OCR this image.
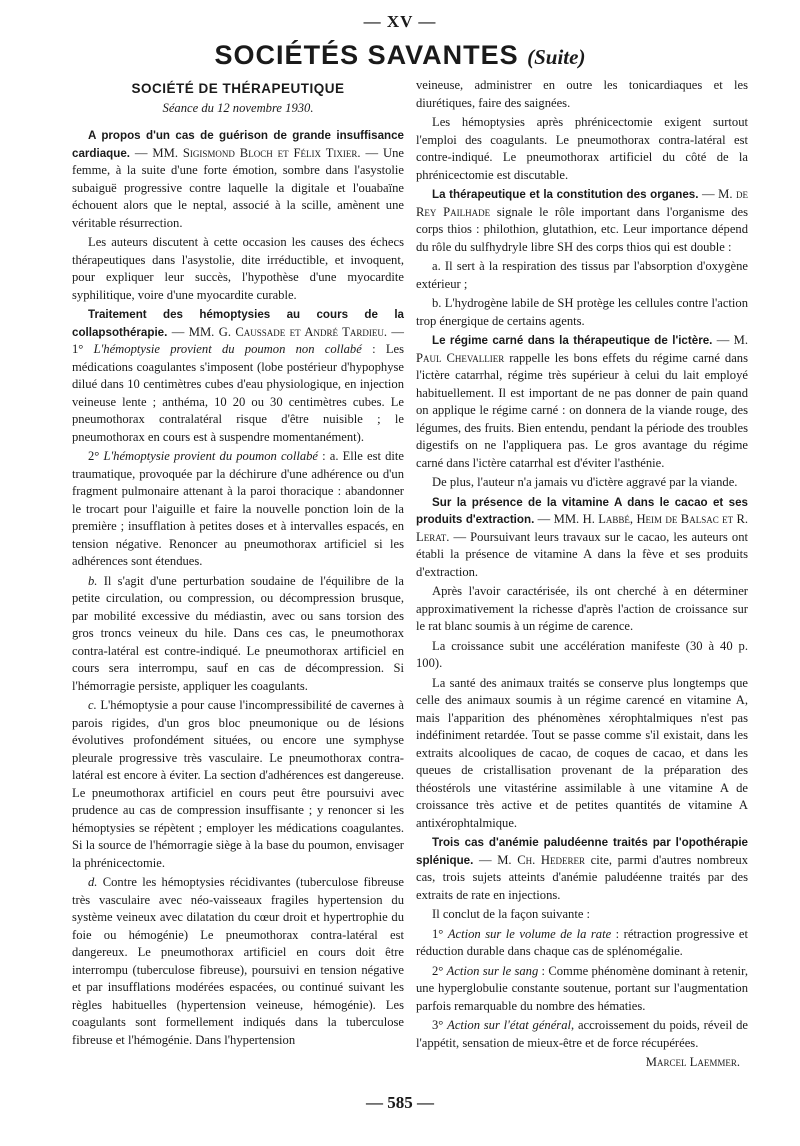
— XV —
SOCIÉTÉS SAVANTES (Suite)
SOCIÉTÉ DE THÉRAPEUTIQUE
Séance du 12 novembre 1930.

A propos d'un cas de guérison de grande insuffisance cardiaque. — MM. Sigismond Bloch et Félix Tixier. — Une femme, à la suite d'une forte émotion, sombre dans l'asystolie subaiguë progressive contre laquelle la digitale et l'ouabaïne échouent alors que le neptal, associé à la scille, amènent une véritable résurrection.

Les auteurs discutent à cette occasion les causes des échecs thérapeutiques dans l'asystolie, dite irréductible, et invoquent, pour expliquer leur succès, l'hypothèse d'une myocardite syphilitique, voire d'une myocardite curable.

Traitement des hémoptysies au cours de la collapsothérapie. — MM. G. Caussade et André Tardieu. — 1° L'hémoptysie provient du poumon non collabé : Les médications coagulantes s'imposent (lobe postérieur d'hypophyse dilué dans 10 centimètres cubes d'eau physiologique, en injection veineuse lente ; anthéma, 10 20 ou 30 centimètres cubes. Le pneumothorax contralatéral risque d'être nuisible ; le pneumothorax en cours est à suspendre momentanément).

2° L'hémoptysie provient du poumon collabé : a. Elle est dite traumatique, provoquée par la déchirure d'une adhérence ou d'un fragment pulmonaire attenant à la paroi thoracique : abandonner le trocart pour l'aiguille et faire la nouvelle ponction loin de la première ; insufflation à petites doses et à intervalles espacés, en tension négative. Renoncer au pneumothorax artificiel si les adhérences sont étendues.

b. Il s'agit d'une perturbation soudaine de l'équilibre de la petite circulation, ou compression, ou décompression brusque, par mobilité excessive du médiastin, avec ou sans torsion des gros troncs veineux du hile. Dans ces cas, le pneumothorax contra-latéral est contre-indiqué. Le pneumothorax artificiel en cours sera interrompu, sauf en cas de décompression. Si l'hémorragie persiste, appliquer les coagulants.

c. L'hémoptysie a pour cause l'incompressibilité de cavernes à parois rigides, d'un gros bloc pneumonique ou de lésions évolutives profondément situées, ou encore une symphyse pleurale progressive très vasculaire. Le pneumothorax contra-latéral est encore à éviter. La section d'adhérences est dangereuse. Le pneumothorax artificiel en cours peut être poursuivi avec prudence au cas de compression insuffisante ; y renoncer si les hémoptysies se répètent ; employer les médications coagulantes. Si la source de l'hémorragie siège à la base du poumon, envisager la phrénicectomie.

d. Contre les hémoptysies récidivantes (tuberculose fibreuse très vasculaire avec néo-vaisseaux fragiles hypertension du système veineux avec dilatation du cœur droit et hypertrophie du foie ou hémogénie) Le pneumothorax contra-latéral est dangereux. Le pneumothorax artificiel en cours doit être interrompu (tuberculose fibreuse), poursuivi en tension négative et par insufflations modérées espacées, ou continué suivant les règles habituelles (hypertension veineuse, hémogénie). Les coagulants sont formellement indiqués dans la tuberculose fibreuse et l'hémogénie. Dans l'hypertension

veineuse, administrer en outre les tonicardiaques et les diurétiques, faire des saignées.

Les hémoptysies après phrénicectomie exigent surtout l'emploi des coagulants. Le pneumothorax contra-latéral est contre-indiqué. Le pneumothorax artificiel du côté de la phrénicectomie est discutable.

La thérapeutique et la constitution des organes. — M. de Rey Pailhade signale le rôle important dans l'organisme des corps thios : philothion, glutathion, etc. Leur importance dépend du rôle du sulfhydryle libre SH des corps thios qui est double :

a. Il sert à la respiration des tissus par l'absorption d'oxygène extérieur ;

b. L'hydrogène labile de SH protège les cellules contre l'action trop énergique de certains agents.

Le régime carné dans la thérapeutique de l'ictère. — M. Paul Chevallier rappelle les bons effets du régime carné dans l'ictère catarrhal, régime très supérieur à celui du lait employé habituellement. Il est important de ne pas donner de pain quand on applique le régime carné : on donnera de la viande rouge, des légumes, des fruits. Bien entendu, pendant la période des troubles digestifs on ne l'appliquera pas. Le gros avantage du régime carné dans l'ictère catarrhal est d'éviter l'asthénie.

De plus, l'auteur n'a jamais vu d'ictère aggravé par la viande.

Sur la présence de la vitamine A dans le cacao et ses produits d'extraction. — MM. H. Labbé, Heim de Balsac et R. Lerat. — Poursuivant leurs travaux sur le cacao, les auteurs ont établi la présence de vitamine A dans la fève et ses produits d'extraction.

Après l'avoir caractérisée, ils ont cherché à en déterminer approximativement la richesse d'après l'action de croissance sur le rat blanc soumis à un régime de carence.

La croissance subit une accélération manifeste (30 à 40 p. 100).

La santé des animaux traités se conserve plus longtemps que celle des animaux soumis à un régime carencé en vitamine A, mais l'apparition des phénomènes xérophtalmiques n'est pas indéfiniment retardée. Tout se passe comme s'il existait, dans les extraits alcooliques de cacao, de coques de cacao, et dans les queues de cristallisation provenant de la préparation des théostérols une vitastérine assimilable à une vitamine A de croissance très active et de petites quantités de vitamine A antixérophtalmique.

Trois cas d'anémie paludéenne traités par l'opothérapie splénique. — M. Ch. Hederer cite, parmi d'autres nombreux cas, trois sujets atteints d'anémie paludéenne traités par des extraits de rate en injections.

Il conclut de la façon suivante :

1° Action sur le volume de la rate : rétraction progressive et réduction durable dans chaque cas de splénomégalie.

2° Action sur le sang : Comme phénomène dominant à retenir, une hyperglobulie constante soutenue, portant sur l'augmentation parfois remarquable du nombre des hématies.

3° Action sur l'état général, accroissement du poids, réveil de l'appétit, sensation de mieux-être et de force récupérées.

Marcel Laemmer.

— 585 —
